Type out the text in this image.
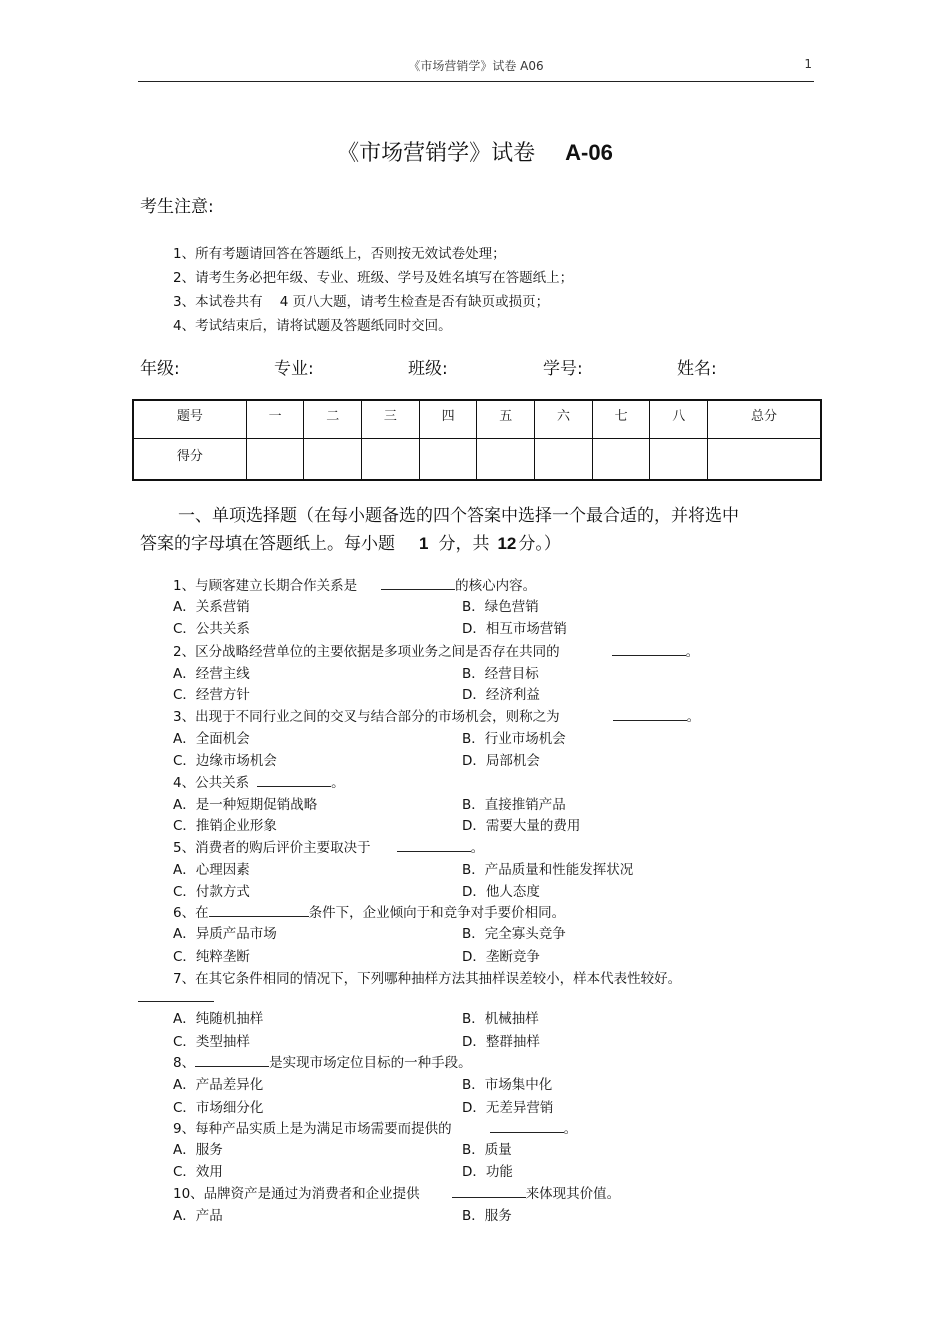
《市场营销学》试卷 A06	1
《市场营销学》试卷 A-06
考生注意:
1、所有考题请回答在答题纸上，否则按无效试卷处理；
2、请考生务必把年级、专业、班级、学号及姓名填写在答题纸上；
3、本试卷共有    4 页八大题，请考生检查是否有缺页或损页；
4、考试结束后，请将试题及答题纸同时交回。
年级:	专业:	班级:	学号:	姓名:
题号	一	二	三	四	五	六	七	八	总分
得分									
一、单项选择题（在每小题备选的四个答案中选择一个最合适的，并将选中
答案的字母填在答题纸上。每小题 1 分，共 12 分。）
1、与顾客建立长期合作关系是	的核心内容。
A．关系营销	B．绿色营销
C．公共关系	D．相互市场营销
2、区分战略经营单位的主要依据是多项业务之间是否存在共同的	。
A．经营主线	B．经营目标
C．经营方针	D．经济利益
3、出现于不同行业之间的交叉与结合部分的市场机会，则称之为	。
A．全面机会	B．行业市场机会
C．边缘市场机会	D．局部机会
4、公共关系	。
A．是一种短期促销战略	B．直接推销产品
C．推销企业形象	D．需要大量的费用
5、消费者的购后评价主要取决于	。
A．心理因素	B．产品质量和性能发挥状况
C．付款方式	D．他人态度
6、在	条件下，企业倾向于和竞争对手要价相同。
A．异质产品市场	B．完全寡头竞争
C．纯粹垄断	D．垄断竞争
7、在其它条件相同的情况下，下列哪种抽样方法其抽样误差较小，样本代表性较好。
A．纯随机抽样	B．机械抽样
C．类型抽样	D．整群抽样
8、	是实现市场定位目标的一种手段。
A．产品差异化	B．市场集中化
C．市场细分化	D．无差异营销
9、每种产品实质上是为满足市场需要而提供的	。
A．服务	B．质量
C．效用	D．功能
10、品牌资产是通过为消费者和企业提供	来体现其价值。
A．产品	B．服务
